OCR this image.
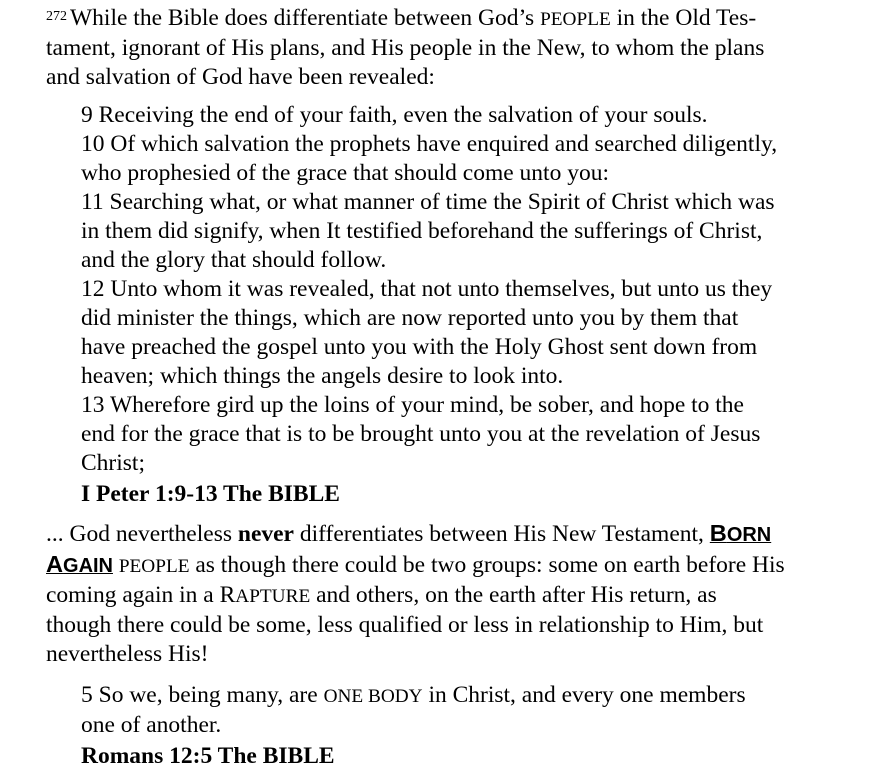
$^{272}$ While the Bible does differentiate between God’s PEOPLE in the Old Tes-
tament, ignorant of His plans, and His people in the New, to whom the plans
and salvation of God have been revealed:

9 Receiving the end of your faith, even the salvation of your souls.

10 Of which salvation the prophets have enquired and searched diligently,

who prophesied of the grace that should come unto you:

11 Searching what, or what manner of time the Spirit of Christ which was

in them did signify, when It testified beforehand the sufferings of Christ,

and the glory that should follow.

12 Unto whom it was revealed, that not unto themselves, but unto us they

did minister the things, which are now reported unto you by them that

have preached the gospel unto you with the Holy Ghost sent down from

heaven; which things the angels desire to look into.

13 Wherefore gird up the loins of your mind, be sober, and hope to the

end for the grace that is to be brought unto you at the revelation of Jesus

Christ;

I Peter 1:9-13 The BIBLE

... God nevertheless never differentiates between His New Testament, BORN
AGAIN PEOPLE as though there could be two groups: some on earth before His
coming again in a RAPTURE and others, on the earth after His return, as
though there could be some, less qualified or less in relationship to Him, but
nevertheless His!

5 So we, being many, are ONE BODY in Christ, and every one members

one of another.

Romans 12:5 The BIBLE
